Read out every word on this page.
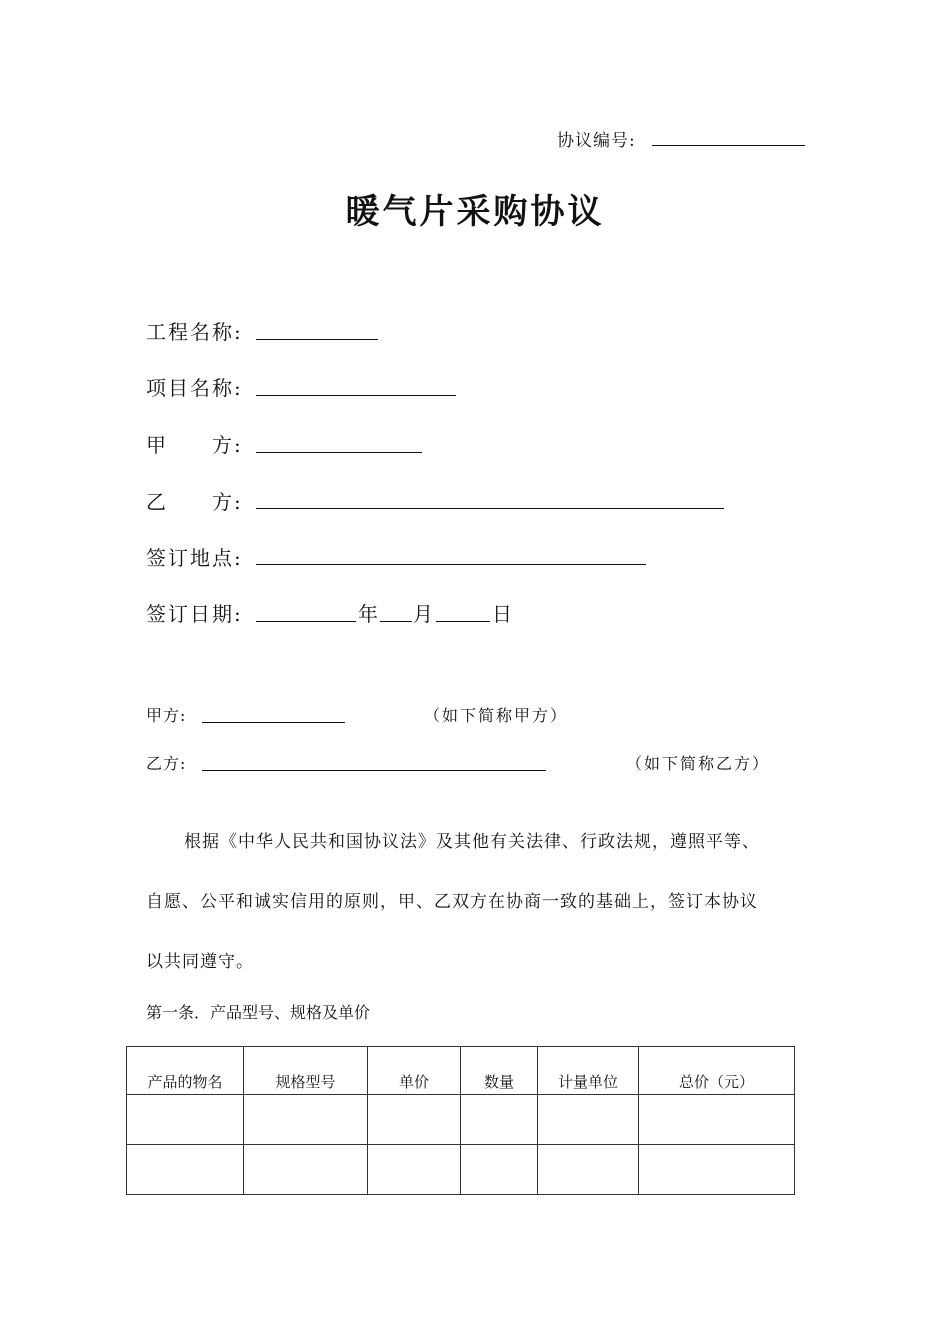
协议编号:
暖气片采购协议
工程名称:
项目名称:
甲　　方:
乙　　方:
签订地点:
签订日期:	年 月	日
甲方:	（如下简称甲方）
乙方:	（如下简称乙方）
根据《中华人民共和国协议法》及其他有关法律、行政法规，遵照平等、
自愿、公平和诚实信用的原则，甲、乙双方在协商一致的基础上，签订本协议
以共同遵守。
第一条．产品型号、规格及单价
产品的物名	规格型号	单价	数量	计量单位	总价（元）
